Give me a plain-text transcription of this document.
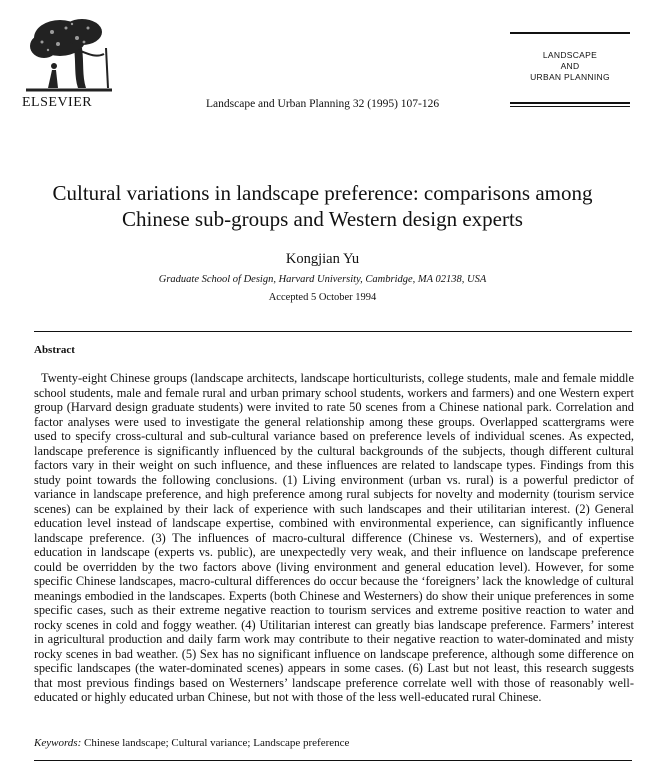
ELSEVIER	Landscape and Urban Planning 32 (1995) 107-126
LANDSCAPE
AND
URBAN PLANNING
Cultural variations in landscape preference: comparisons among
Chinese sub-groups and Western design experts
Kongjian Yu
Graduate School of Design, Harvard University, Cambridge, MA 02138, USA
Accepted 5 October 1994
Abstract
Twenty-eight Chinese groups (landscape architects, landscape horticulturists, college students, male and female middle school students, male and female rural and urban primary school students, workers and farmers) and one Western expert group (Harvard design graduate students) were invited to rate 50 scenes from a Chinese national park. Correlation and factor analyses were used to investigate the general relationship among these groups. Overlapped scattergrams were used to specify cross-cultural and sub-cultural variance based on preference levels of individual scenes. As expected, landscape preference is significantly influenced by the cultural backgrounds of the subjects, though different cultural factors vary in their weight on such influence, and these influences are related to landscape types. Findings from this study point towards the following conclusions. (1) Living environment (urban vs. rural) is a powerful predictor of variance in landscape preference, and high preference among rural subjects for novelty and modernity (tourism service scenes) can be explained by their lack of experience with such landscapes and their utilitarian interest. (2) General education level instead of landscape expertise, combined with environmental experience, can significantly influence landscape preference. (3) The influences of macro-cultural difference (Chinese vs. Westerners), and of expertise education in landscape (experts vs. public), are unexpectedly very weak, and their influence on landscape preference could be overridden by the two factors above (living environment and general education level). However, for some specific Chinese landscapes, macro-cultural differences do occur because the ‘foreigners’ lack the knowledge of cultural meanings embodied in the landscapes. Experts (both Chinese and Westerners) do show their unique preferences in some specific cases, such as their extreme negative reaction to tourism services and extreme positive reaction to water and rocky scenes in cold and foggy weather. (4) Utilitarian interest can greatly bias landscape preference. Farmers’ interest in agricultural production and daily farm work may contribute to their negative reaction to water-dominated and misty rocky scenes in bad weather. (5) Sex has no significant influence on landscape preference, although some difference on specific landscapes (the water-dominated scenes) appears in some cases. (6) Last but not least, this research suggests that most previous findings based on Westerners’ landscape preference correlate well with those of reasonably well-educated or highly educated urban Chinese, but not with those of the less well-educated rural Chinese.
Keywords: Chinese landscape; Cultural variance; Landscape preference
